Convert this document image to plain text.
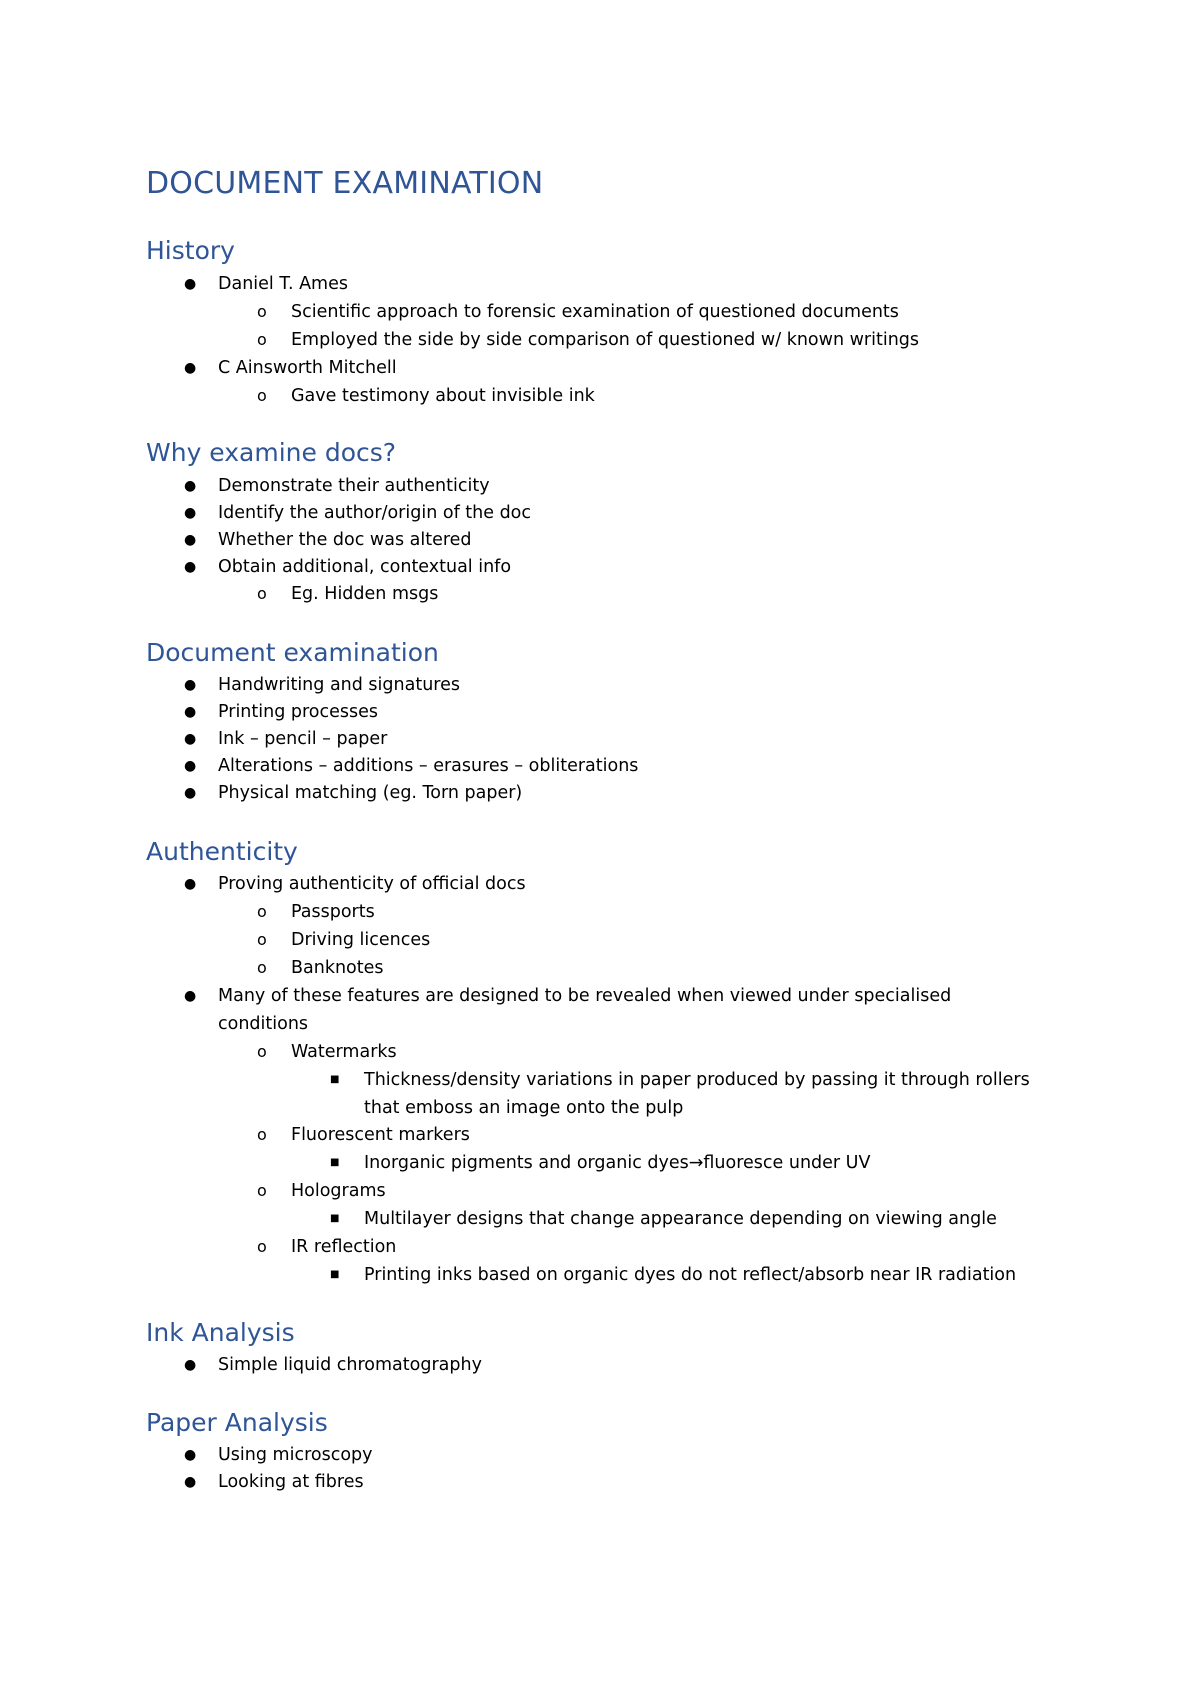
DOCUMENT EXAMINATION
History
● Daniel T. Ames
o Scientific approach to forensic examination of questioned documents
o Employed the side by side comparison of questioned w/ known writings
● C Ainsworth Mitchell
o Gave testimony about invisible ink
Why examine docs?
● Demonstrate their authenticity
● Identify the author/origin of the doc
● Whether the doc was altered
● Obtain additional, contextual info
o Eg. Hidden msgs
Document examination
● Handwriting and signatures
● Printing processes
● Ink – pencil – paper
● Alterations – additions – erasures – obliterations
● Physical matching (eg. Torn paper)
Authenticity
● Proving authenticity of official docs
o Passports
o Driving licences
o Banknotes
● Many of these features are designed to be revealed when viewed under specialised
conditions
o Watermarks
■ Thickness/density variations in paper produced by passing it through rollers
that emboss an image onto the pulp
o Fluorescent markers
■ Inorganic pigments and organic dyes→fluoresce under UV
o Holograms
■ Multilayer designs that change appearance depending on viewing angle
o IR reflection
■ Printing inks based on organic dyes do not reflect/absorb near IR radiation
Ink Analysis
● Simple liquid chromatography
Paper Analysis
● Using microscopy
● Looking at fibres
